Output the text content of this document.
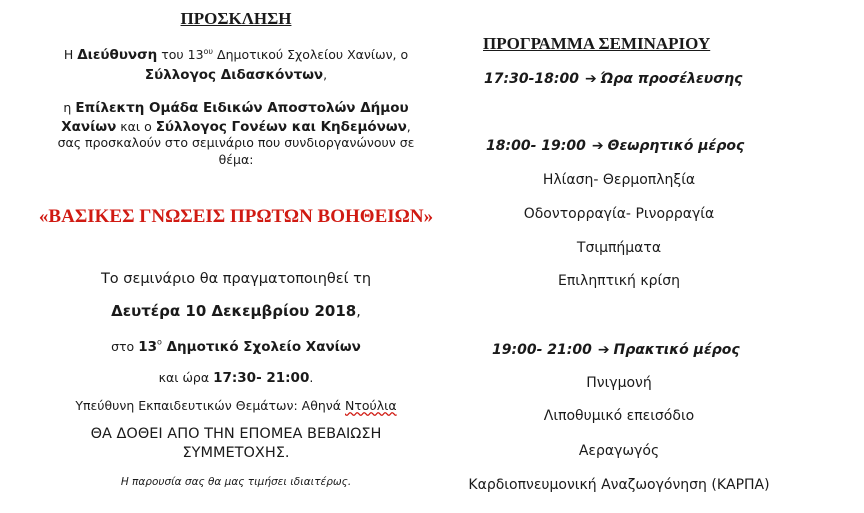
ΠΡΟΣΚΛΗΣΗ
Η Διεύθυνση του $13^{o\upsilon}$ Δημοτικού Σχολείου Χανίων, ο
Σύλλογος Διδασκόντων,
η Επίλεκτη Ομάδα Ειδικών Αποστολών Δήμου
Χανίων και ο Σύλλογος Γονέων και Κηδεμόνων,
σας προσκαλούν στο σεμινάριο που συνδιοργανώνουν σε
θέμα:
«ΒΑΣΙΚΕΣ ΓΝΩΣΕΙΣ ΠΡΩΤΩΝ ΒΟΗΘΕΙΩΝ»
Το σεμινάριο θα πραγματοποιηθεί τη
Δευτέρα 10 Δεκεμβρίου 2018,
στο $13^o$ Δημοτικό Σχολείο Χανίων
και ώρα 17:30- 21:00.
Υπεύθυνη Εκπαιδευτικών Θεμάτων: Αθηνά Ντούλια
ΘΑ ΔΟΘΕΙ ΑΠΟ ΤΗΝ ΕΠΟΜΕΑ ΒΕΒΑΙΩΣΗ
ΣΥΜΜΕΤΟΧΗΣ.
Η παρουσία σας θα μας τιμήσει ιδιαιτέρως.
ΠΡΟΓΡΑΜΜΑ ΣΕΜΙΝΑΡΙΟΥ
17:30-18:00 ➔ Ώρα προσέλευσης
18:00- 19:00 ➔ Θεωρητικό μέρος
Ηλίαση- Θερμοπληξία
Οδοντορραγία- Ρινορραγία
Τσιμπήματα
Επιληπτική κρίση
19:00- 21:00 ➔ Πρακτικό μέρος
Πνιγμονή
Λιποθυμικό επεισόδιο
Αεραγωγός
Καρδιοπνευμονική Αναζωογόνηση (ΚΑΡΠΑ)
